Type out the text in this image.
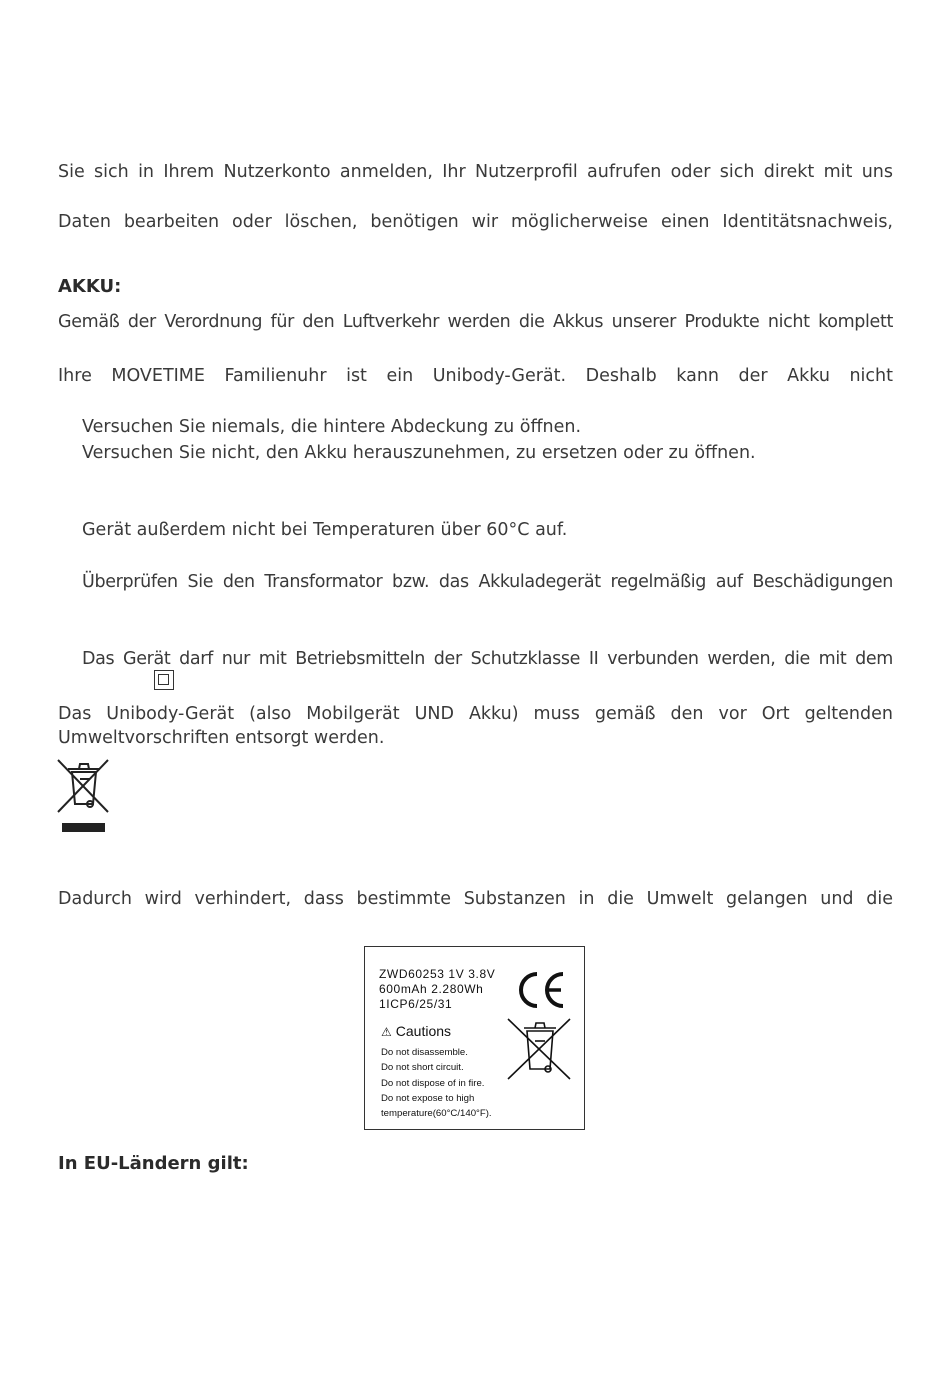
Sie sich in Ihrem Nutzerkonto anmelden, Ihr Nutzerprofil aufrufen oder sich direkt mit uns
Daten bearbeiten oder löschen, benötigen wir möglicherweise einen Identitätsnachweis,
AKKU:
Gemäß der Verordnung für den Luftverkehr werden die Akkus unserer Produkte nicht komplett
Ihre MOVETIME Familienuhr ist ein Unibody-Gerät. Deshalb kann der Akku nicht
Versuchen Sie niemals, die hintere Abdeckung zu öffnen.
Versuchen Sie nicht, den Akku herauszunehmen, zu ersetzen oder zu öffnen.
Gerät außerdem nicht bei Temperaturen über 60°C auf.
Überprüfen Sie den Transformator bzw. das Akkuladegerät regelmäßig auf Beschädigungen
Das Gerät darf nur mit Betriebsmitteln der Schutzklasse II verbunden werden, die mit dem
Das Unibody-Gerät (also Mobilgerät UND Akku) muss gemäß den vor Ort geltenden
Umweltvorschriften entsorgt werden.
Dadurch wird verhindert, dass bestimmte Substanzen in die Umwelt gelangen und die
ZWD60253 1V 3.8V
600mAh 2.280Wh
1ICP6/25/31
⚠ Cautions
Do not disassemble.
Do not short circuit.
Do not dispose of in fire.
Do not expose to high
temperature(60°C/140°F).
In EU-Ländern gilt:
